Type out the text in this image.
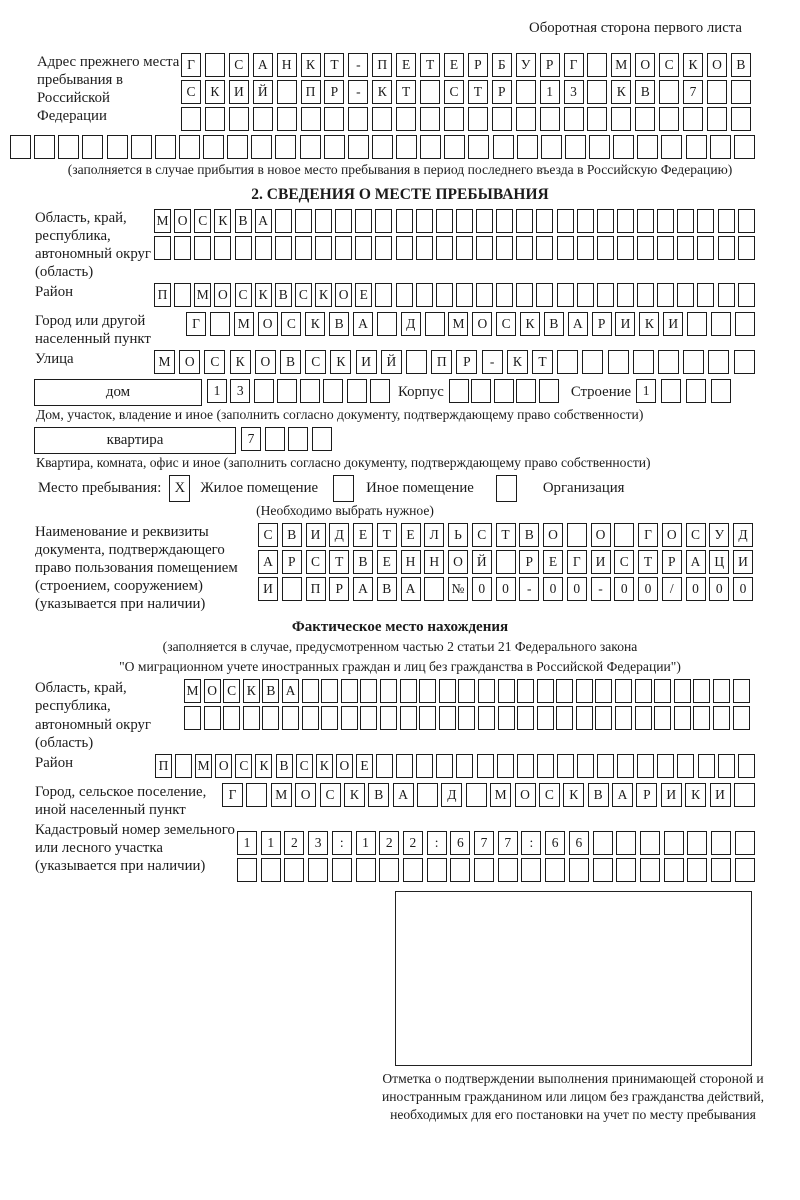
Оборотная сторона первого листа
Адрес прежнего места пребывания в Российской Федерации
Г	С	А	Н	К	Т	-	П	Е	Т	Е	Р	Б	У	Р	Г	М О	С	К	О	В
С	К	И	Й	П	Р	-	К	Т	С	Т	Р	1	3	К	В	7
(заполняется в случае прибытия в новое место пребывания в период последнего въезда в Российскую Федерацию)
2. СВЕДЕНИЯ О МЕСТЕ ПРЕБЫВАНИЯ
Область, край, республика, автономный округ (область)
М О С К В А
Район	П М О С К В С К О Е
Город или другой населенный пункт
Г	М О	С	К	В	А	Д	М О	С	К	В	А	Р	И	К	И
Улица	М	О	С	К	О	В	С	К	И	Й	П	Р	-	К	Т
дом	1	3	Корпус	Строение 1
Дом, участок, владение и иное (заполнить согласно документу, подтверждающему право собственности)
квартира	7
Квартира, комната, офис и иное (заполнить согласно документу, подтверждающему право собственности)
Место пребывания: X	Жилое помещение	Иное помещение	Организация
(Необходимо выбрать нужное)
Наименование и реквизиты документа, подтверждающего право пользования помещением (строением, сооружением) (указывается при наличии)
С	В	И	Д	Е	Т	Е	Л	Ь	С	Т	В	О	О	Г	О	С	У	Д
А	Р	С	Т	В	Е	Н	Н	О	Й	Р	Е	Г	И	С	Т	Р	А	Ц	И
И	П	Р	А	В	А	№	0	0	-	0	0	-	0	0	/	0	0	0
Фактическое место нахождения
(заполняется в случае, предусмотренном частью 2 статьи 21 Федерального закона
"О миграционном учете иностранных граждан и лиц без гражданства в Российской Федерации")
Область, край, республика, автономный округ (область)
М О С К В А
Район	П М О С К В С К О Е
Город, сельское поселение, иной населенный пункт
Г	М	О	С	К	В	А	Д	М	О	С	К	В	А	Р	И	К	И
Кадастровый номер земельного или лесного участка (указывается при наличии)
1	1	2	3	:	1	2	2	:	6	7	7	:	6	6
Отметка о подтверждении выполнения принимающей стороной и иностранным гражданином или лицом без гражданства действий, необходимых для его постановки на учет по месту пребывания
